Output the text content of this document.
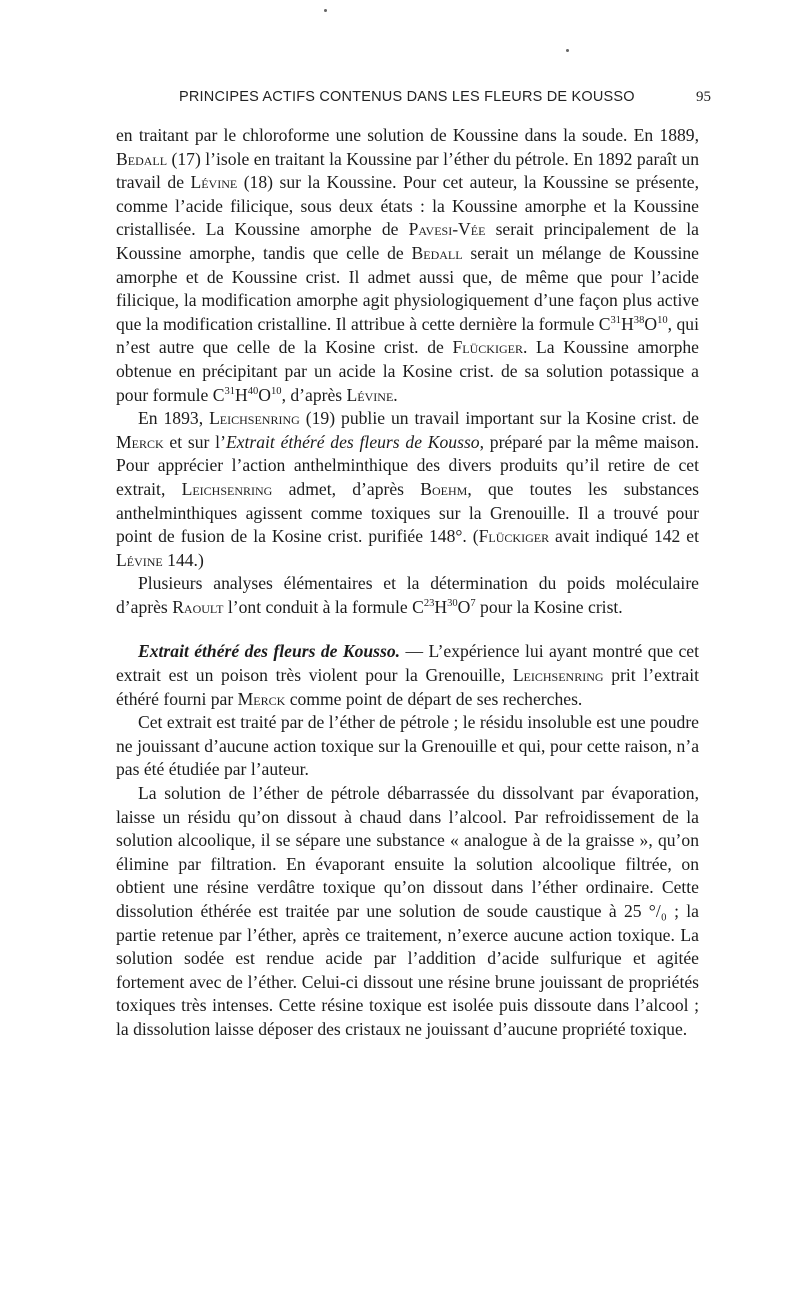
PRINCIPES ACTIFS CONTENUS DANS LES FLEURS DE KOUSSO	95

en traitant par le chloroforme une solution de Koussine dans la soude. En 1889, Bedall (17) l’isole en traitant la Koussine par l’éther du pétrole. En 1892 paraît un travail de Lévine (18) sur la Koussine. Pour cet auteur, la Koussine se présente, comme l’acide filicique, sous deux états : la Koussine amorphe et la Koussine cristallisée. La Koussine amorphe de Pavesi-Vée serait principalement de la Koussine amorphe, tandis que celle de Bedall serait un mélange de Koussine amorphe et de Koussine crist. Il admet aussi que, de même que pour l’acide filicique, la modification amorphe agit physiologiquement d’une façon plus active que la modification cristalline. Il attribue à cette dernière la formule $C^{31}H^{38}O^{10}$, qui n’est autre que celle de la Kosine crist. de Flückiger. La Koussine amorphe obtenue en précipitant par un acide la Kosine crist. de sa solution potassique a pour formule $C^{31}H^{40}O^{10}$, d’après Lévine.

En 1893, Leichsenring (19) publie un travail important sur la Kosine crist. de Merck et sur l’Extrait éthéré des fleurs de Kousso, préparé par la même maison. Pour apprécier l’action anthelminthique des divers produits qu’il retire de cet extrait, Leichsenring admet, d’après Boehm, que toutes les substances anthelminthiques agissent comme toxiques sur la Grenouille. Il a trouvé pour point de fusion de la Kosine crist. purifiée 148°. (Flückiger avait indiqué 142 et Lévine 144.)

Plusieurs analyses élémentaires et la détermination du poids moléculaire d’après Raoult l’ont conduit à la formule $C^{23}H^{30}O^7$ pour la Kosine crist.

Extrait éthéré des fleurs de Kousso. — L’expérience lui ayant montré que cet extrait est un poison très violent pour la Grenouille, Leichsenring prit l’extrait éthéré fourni par Merck comme point de départ de ses recherches.

Cet extrait est traité par de l’éther de pétrole ; le résidu insoluble est une poudre ne jouissant d’aucune action toxique sur la Grenouille et qui, pour cette raison, n’a pas été étudiée par l’auteur.

La solution de l’éther de pétrole débarrassée du dissolvant par évaporation, laisse un résidu qu’on dissout à chaud dans l’alcool. Par refroidissement de la solution alcoolique, il se sépare une substance « analogue à de la graisse », qu’on élimine par filtration. En évaporant ensuite la solution alcoolique filtrée, on obtient une résine verdâtre toxique qu’on dissout dans l’éther ordinaire. Cette dissolution éthérée est traitée par une solution de soude caustique à 25 °/₀ ; la partie retenue par l’éther, après ce traitement, n’exerce aucune action toxique. La solution sodée est rendue acide par l’addition d’acide sulfurique et agitée fortement avec de l’éther. Celui-ci dissout une résine brune jouissant de propriétés toxiques très intenses. Cette résine toxique est isolée puis dissoute dans l’alcool ; la dissolution laisse déposer des cristaux ne jouissant d’aucune propriété toxique.
